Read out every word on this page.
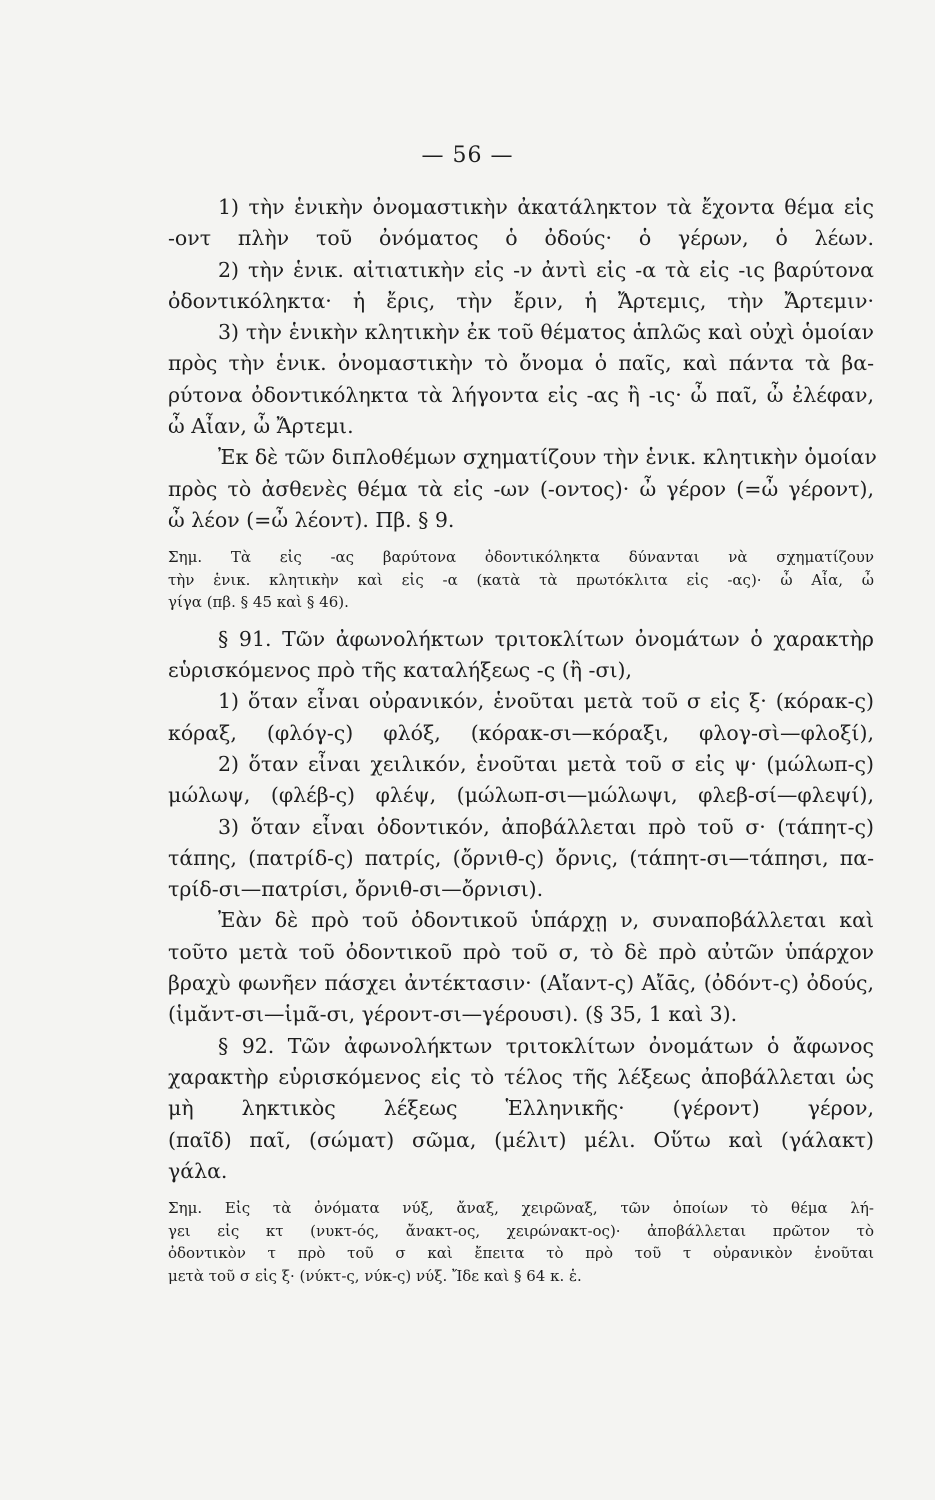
— 56 —
1) τὴν ἑνικὴν ὀνομαστικὴν ἀκατάληκτον τὰ ἔχοντα θέμα εἰς
-οντ πλὴν τοῦ ὀνόματος ὁ ὀδούς· ὁ γέρων, ὁ λέων.
2) τὴν ἑνικ. αἰτιατικὴν εἰς -ν ἀντὶ εἰς -α τὰ εἰς -ις βαρύτονα
ὀδοντικόληκτα· ἡ ἔρις, τὴν ἔριν, ἡ Ἄρτεμις, τὴν Ἄρτεμιν·
3) τὴν ἑνικὴν κλητικὴν ἐκ τοῦ θέματος ἁπλῶς καὶ οὐχὶ ὁμοίαν
πρὸς τὴν ἑνικ. ὀνομαστικὴν τὸ ὄνομα ὁ παῖς, καὶ πάντα τὰ βα-
ρύτονα ὀδοντικόληκτα τὰ λήγοντα εἰς -ας ἢ -ις· ὦ παῖ, ὦ ἐλέφαν,
ὦ Αἶαν, ὦ Ἄρτεμι.
Ἐκ δὲ τῶν διπλοθέμων σχηματίζουν τὴν ἑνικ. κλητικὴν ὁμοίαν
πρὸς τὸ ἀσθενὲς θέμα τὰ εἰς -ων (-οντος)· ὦ γέρον (=ὦ γέροντ),
ὦ λέον (=ὦ λέοντ). Πβ. § 9.
Σημ. Τὰ εἰς -ας βαρύτονα ὀδοντικόληκτα δύνανται νὰ σχηματίζουν
τὴν ἑνικ. κλητικὴν καὶ εἰς -α (κατὰ τὰ πρωτόκλιτα εἰς -ας)· ὦ Αἶα, ὦ
γίγα (πβ. § 45 καὶ § 46).
§ 91. Τῶν ἀφωνολήκτων τριτοκλίτων ὀνομάτων ὁ χαρακτὴρ
εὑρισκόμενος πρὸ τῆς καταλήξεως -ς (ἢ -σι),
1) ὅταν εἶναι οὐρανικόν, ἑνοῦται μετὰ τοῦ σ εἰς ξ· (κόρακ-ς)
κόραξ, (φλόγ-ς) φλόξ, (κόρακ-σι—κόραξι, φλογ-σὶ—φλοξί),
2) ὅταν εἶναι χειλικόν, ἑνοῦται μετὰ τοῦ σ εἰς ψ· (μώλωπ-ς)
μώλωψ, (φλέβ-ς) φλέψ, (μώλωπ-σι—μώλωψι, φλεβ-σί—φλεψί),
3) ὅταν εἶναι ὀδοντικόν, ἀποβάλλεται πρὸ τοῦ σ· (τάπητ-ς)
τάπης, (πατρίδ-ς) πατρίς, (ὄρνιθ-ς) ὄρνις, (τάπητ-σι—τάπησι, πα-
τρίδ-σι—πατρίσι, ὄρνιθ-σι—ὄρνισι).
Ἐὰν δὲ πρὸ τοῦ ὀδοντικοῦ ὑπάρχῃ ν, συναποβάλλεται καὶ
τοῦτο μετὰ τοῦ ὀδοντικοῦ πρὸ τοῦ σ, τὸ δὲ πρὸ αὐτῶν ὑπάρχον
βραχὺ φωνῆεν πάσχει ἀντέκτασιν· (Αἴαντ-ς) Αἴᾱς, (ὀδόντ-ς) ὀδούς,
(ἱμᾰντ-σι—ἱμᾶ-σι, γέροντ-σι—γέρουσι). (§ 35, 1 καὶ 3).
§ 92. Τῶν ἀφωνολήκτων τριτοκλίτων ὀνομάτων ὁ ἄφωνος
χαρακτὴρ εὑρισκόμενος εἰς τὸ τέλος τῆς λέξεως ἀποβάλλεται ὡς
μὴ ληκτικὸς λέξεως Ἑλληνικῆς· (γέροντ) γέρον,
(παῖδ) παῖ, (σώματ) σῶμα, (μέλιτ) μέλι. Οὕτω καὶ (γάλακτ)
γάλα.
Σημ. Εἰς τὰ ὀνόματα νύξ, ἄναξ, χειρῶναξ, τῶν ὁποίων τὸ θέμα λή-
γει εἰς κτ (νυκτ-ός, ἄνακτ-ος, χειρώνακτ-ος)· ἀποβάλλεται πρῶτον τὸ
ὀδοντικὸν τ πρὸ τοῦ σ καὶ ἔπειτα τὸ πρὸ τοῦ τ οὐρανικὸν ἑνοῦται
μετὰ τοῦ σ εἰς ξ· (νύκτ-ς, νύκ-ς) νύξ. Ἴδε καὶ § 64 κ. ἑ.
